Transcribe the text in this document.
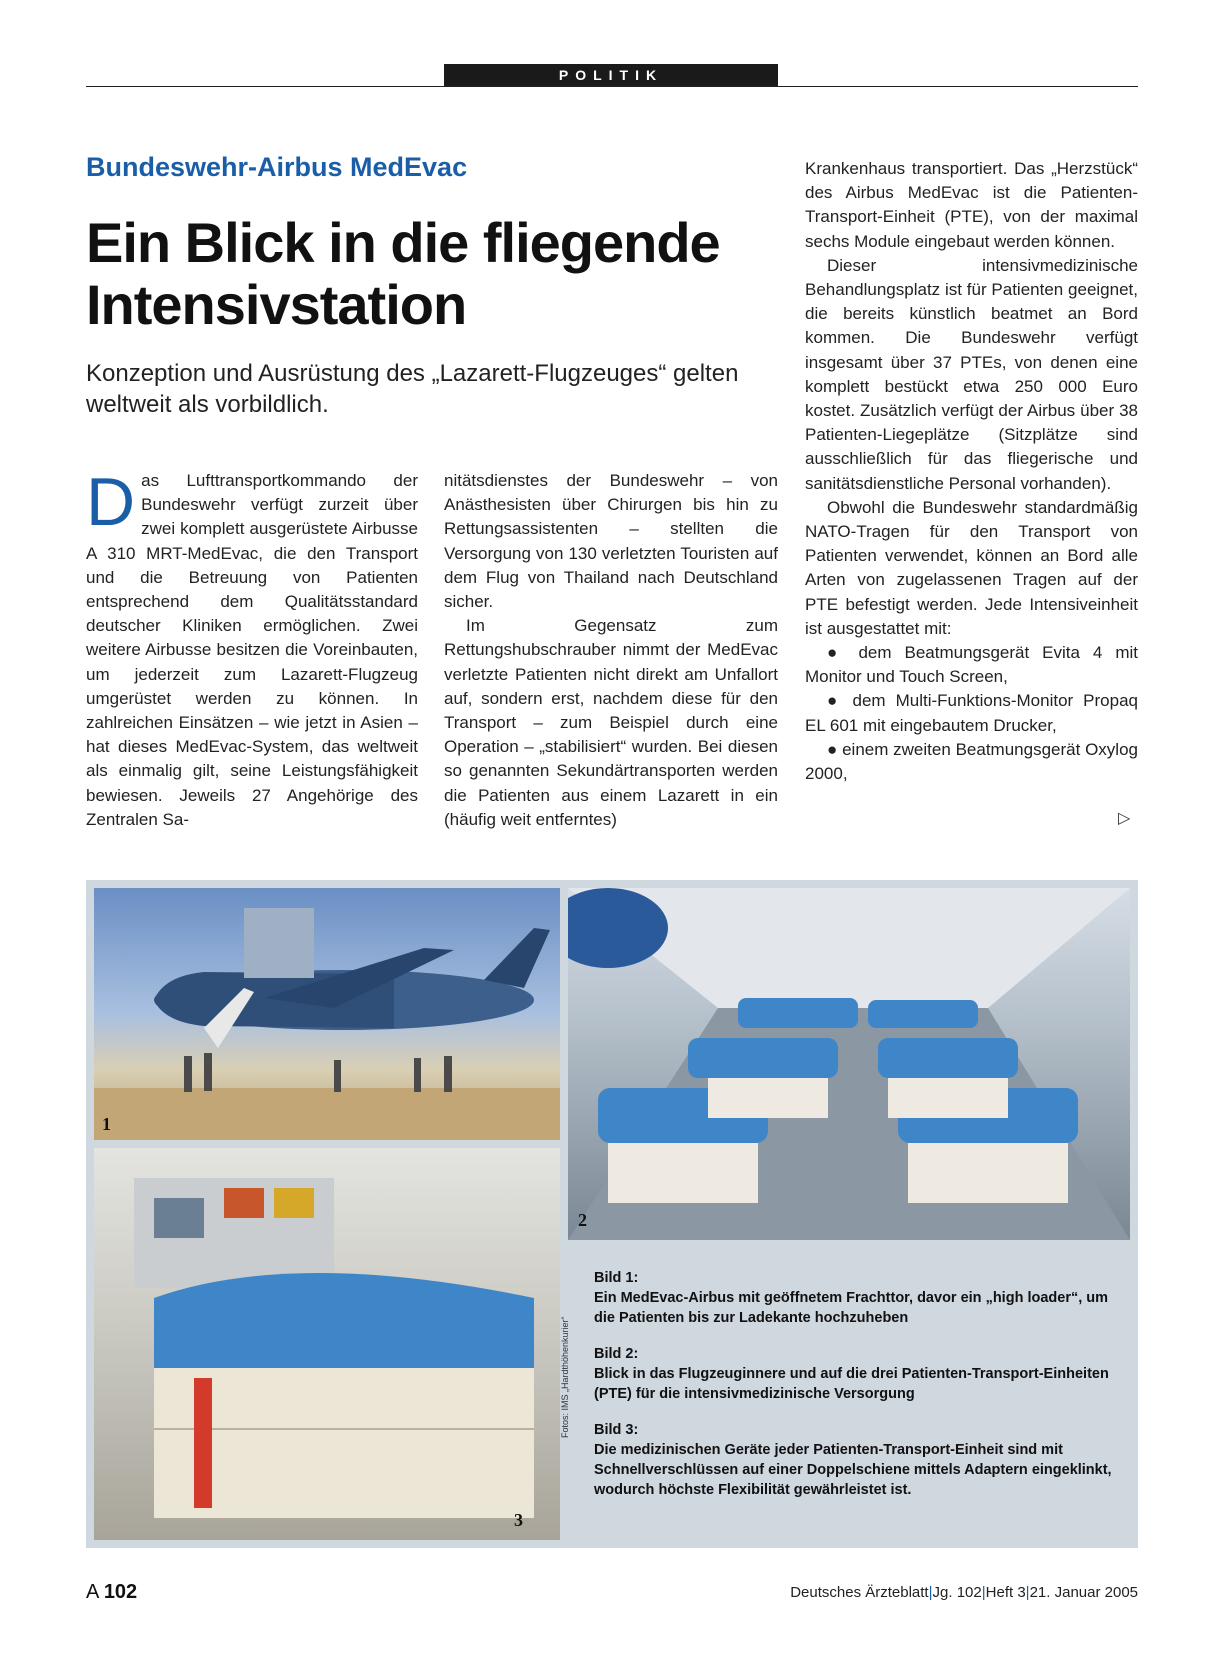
POLITIK
Bundeswehr-Airbus MedEvac
Ein Blick in die fliegende
Intensivstation
Konzeption und Ausrüstung des „Lazarett-Flugzeuges“ gelten weltweit als vorbildlich.

Das Lufttransportkommando der Bundeswehr verfügt zurzeit über zwei komplett ausgerüstete Airbusse A 310 MRT-MedEvac, die den Transport und die Betreuung von Patienten entsprechend dem Qualitätsstandard deutscher Kliniken ermöglichen. Zwei weitere Airbusse besitzen die Voreinbauten, um jederzeit zum Lazarett-Flugzeug umgerüstet werden zu können. In zahlreichen Einsätzen – wie jetzt in Asien – hat dieses MedEvac-System, das weltweit als einmalig gilt, seine Leistungsfähigkeit bewiesen. Jeweils 27 Angehörige des Zentralen Sa-

nitätsdienstes der Bundeswehr – von Anästhesisten über Chirurgen bis hin zu Rettungsassistenten – stellten die Versorgung von 130 verletzten Touristen auf dem Flug von Thailand nach Deutschland sicher.

Im Gegensatz zum Rettungshubschrauber nimmt der MedEvac verletzte Patienten nicht direkt am Unfallort auf, sondern erst, nachdem diese für den Transport – zum Beispiel durch eine Operation – „stabilisiert“ wurden. Bei diesen so genannten Sekundärtransporten werden die Patienten aus einem Lazarett in ein (häufig weit entferntes)

Krankenhaus transportiert. Das „Herzstück“ des Airbus MedEvac ist die Patienten-Transport-Einheit (PTE), von der maximal sechs Module eingebaut werden können.

Dieser intensivmedizinische Behandlungsplatz ist für Patienten geeignet, die bereits künstlich beatmet an Bord kommen. Die Bundeswehr verfügt insgesamt über 37 PTEs, von denen eine komplett bestückt etwa 250 000 Euro kostet. Zusätzlich verfügt der Airbus über 38 Patienten-Liegeplätze (Sitzplätze sind ausschließlich für das fliegerische und sanitätsdienstliche Personal vorhanden).

Obwohl die Bundeswehr standardmäßig NATO-Tragen für den Transport von Patienten verwendet, können an Bord alle Arten von zugelassenen Tragen auf der PTE befestigt werden. Jede Intensiveinheit ist ausgestattet mit:

● dem Beatmungsgerät Evita 4 mit Monitor und Touch Screen,

● dem Multi-Funktions-Monitor Propaq EL 601 mit eingebautem Drucker,

● einem zweiten Beatmungsgerät Oxylog 2000,

▷
1
2
3
Fotos: IMS „Hardthöhenkurier“
Bild 1:
Ein MedEvac-Airbus mit geöffnetem Frachttor, davor ein „high loader“, um die Patienten bis zur Ladekante hochzuheben
Bild 2:
Blick in das Flugzeuginnere und auf die drei Patienten-Transport-Einheiten (PTE) für die intensivmedizinische Versorgung
Bild 3:
Die medizinischen Geräte jeder Patienten-Transport-Einheit sind mit Schnellverschlüssen auf einer Doppelschiene mittels Adaptern eingeklinkt, wodurch höchste Flexibilität gewährleistet ist.
A 102	Deutsches Ärzteblatt|Jg. 102|Heft 3|21. Januar 2005
